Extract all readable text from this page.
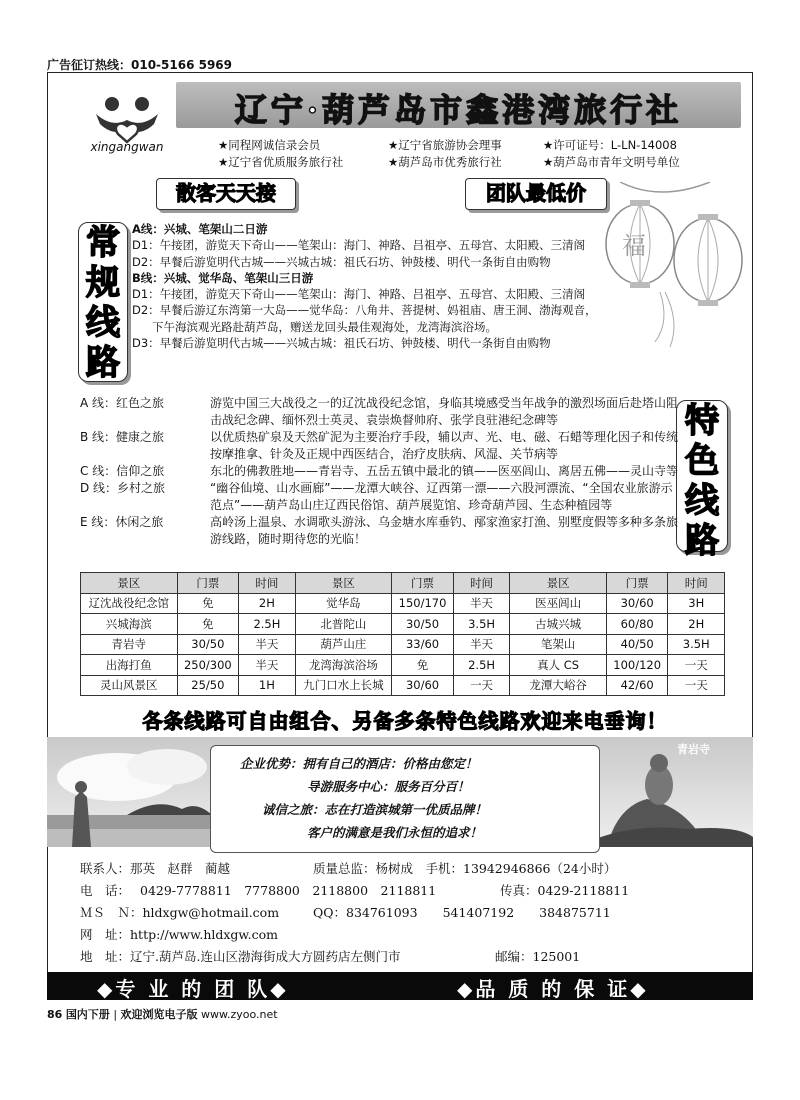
广告征订热线：010-5166 5969
xingangwan
辽宁·葫芦岛市鑫港湾旅行社
★同程网诚信录会员	★辽宁省旅游协会理事	★许可证号：L-LN-14008
★辽宁省优质服务旅行社	★葫芦岛市优秀旅行社	★葫芦岛市青年文明号单位
散客天天接	团队最低价
福
常规线路
特色线路
A线：兴城、笔架山二日游
D1：午接团，游览天下奇山——笔架山：海门、神路、吕祖亭、五母宫、太阳殿、三清阁
D2：早餐后游览明代古城——兴城古城：祖氏石坊、钟鼓楼、明代一条街自由购物
B线：兴城、觉华岛、笔架山三日游
D1：午接团，游览天下奇山——笔架山：海门、神路、吕祖亭、五母宫、太阳殿、三清阁
D2：早餐后游辽东湾第一大岛——觉华岛：八角井、菩提树、妈祖庙、唐王洞、渤海观音，
下午海滨观光路赴葫芦岛，赠送龙回头最佳观海处，龙湾海滨浴场。
D3：早餐后游览明代古城——兴城古城：祖氏石坊、钟鼓楼、明代一条街自由购物
A 线：红色之旅	游览中国三大战役之一的辽沈战役纪念馆，身临其境感受当年战争的激烈场面后赴塔山阻击战纪念碑、缅怀烈士英灵、袁崇焕督帅府、张学良驻港纪念碑等
B 线：健康之旅	以优质热矿泉及天然矿泥为主要治疗手段，辅以声、光、电、磁、石蜡等理化因子和传统按摩推拿、针灸及正规中西医结合，治疗皮肤病、风湿、关节病等
C 线：信仰之旅	东北的佛教胜地——青岩寺、五岳五镇中最北的镇——医巫闾山、离居五佛——灵山寺等
D 线：乡村之旅	“幽谷仙境、山水画廊”——龙潭大峡谷、辽西第一漂——六股河漂流、“全国农业旅游示范点”——葫芦岛山庄辽西民俗馆、葫芦展览馆、珍奇葫芦园、生态种植园等
E 线：休闲之旅	高岭汤上温泉、水调歌头游泳、乌金塘水库垂钓、邴家渔家打渔、别墅度假等多种多条旅游线路，随时期待您的光临！
景区	门票	时间	景区	门票	时间	景区	门票	时间
辽沈战役纪念馆	免	2H	觉华岛	150/170	半天	医巫闾山	30/60	3H
兴城海滨	免	2.5H	北普陀山	30/50	3.5H	古城兴城	60/80	2H
青岩寺	30/50	半天	葫芦山庄	33/60	半天	笔架山	40/50	3.5H
出海打鱼	250/300	半天	龙湾海滨浴场	免	2.5H	真人 CS	100/120	一天
灵山风景区	25/50	1H	九门口水上长城	30/60	一天	龙潭大峪谷	42/60	一天
各条线路可自由组合、另备多条特色线路欢迎来电垂询！
青岩寺
企业优势：拥有自己的酒店：价格由您定！
导游服务中心：服务百分百！
诚信之旅：志在打造滨城第一优质品牌！
客户的满意是我们永恒的追求！
联系人：那英　赵群　蔺越	质量总监：杨树成　手机：13942946866（24小时）
电　话： 0429-7778811　7778800　2118800　2118811	传真：0429-2118811
ＭＳ　Ｎ：hldxgw@hotmail.com	QQ：834761093　　541407192　　384875711
网　址：http://www.hldxgw.com
地　址：辽宁.葫芦岛.连山区渤海街成大方圆药店左侧门市	邮编：125001
◆专 业 的 团 队◆	◆品 质 的 保 证◆
86 国内下册 | 欢迎浏览电子版 www.zyoo.net
